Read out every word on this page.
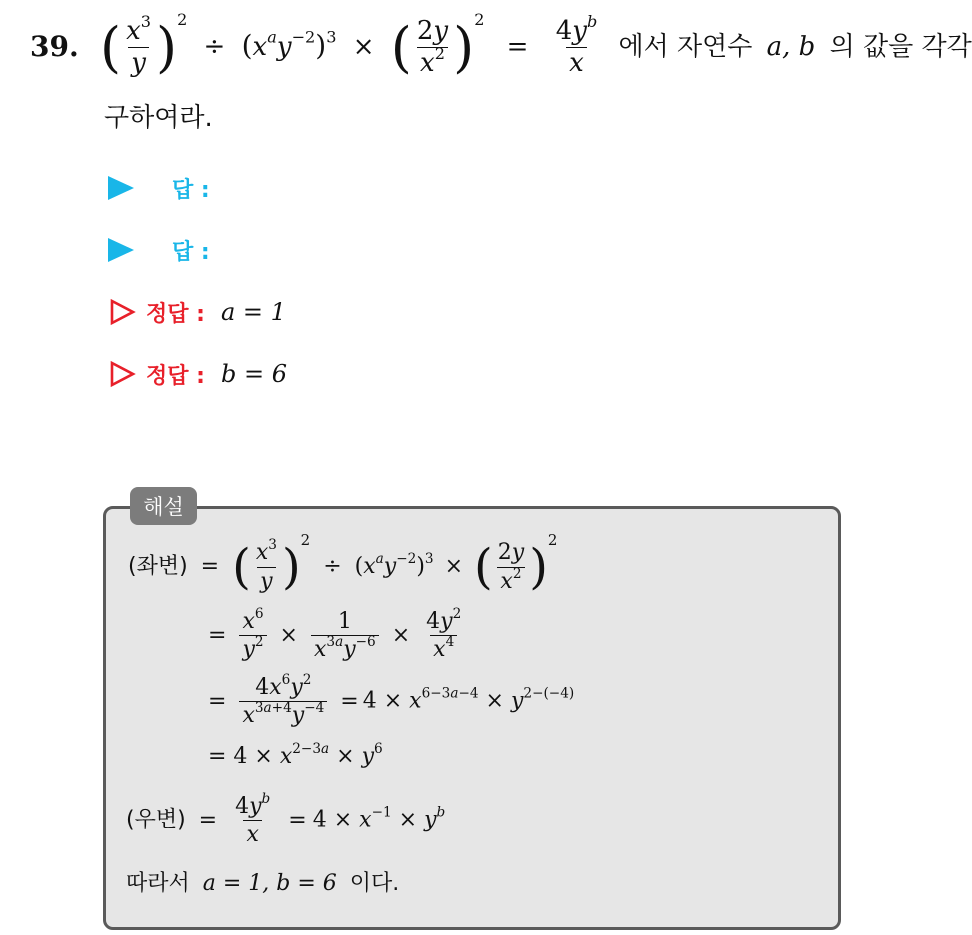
39. ( $\frac{x^3}{y} )^2 \div (x^ay^{-2})^3$ × ( $\frac{2y}{x^2} )^2 = \frac{4y^b}{x}$ 에서 자연수 a, b 의 값을 각각
구하여라.
답 :
답 :
정답 : a = 1
정답 : b = 6
해설
(좌변) = ( $\frac{x^3}{y} )^2 \div (x^ay^{-2})^3$ × ( $\frac{2y}{x^2} )^2$
= $\frac{x^6}{y^2} \times \frac{1}{x^{3a}y^{-6}} \times \frac{4y^2}{x^4}$
= $\frac{4x^6y^2}{x^{3a+4}y^{-4}} = 4 \times x^{6-3a-4} \times y^{2-(-4)}$
= $4 \times x^{2-3a} \times y^6$
(우변) = $\frac{4y^b}{x} = 4 \times x^{-1} \times y^b$
따라서 a = 1, b = 6 이다.
